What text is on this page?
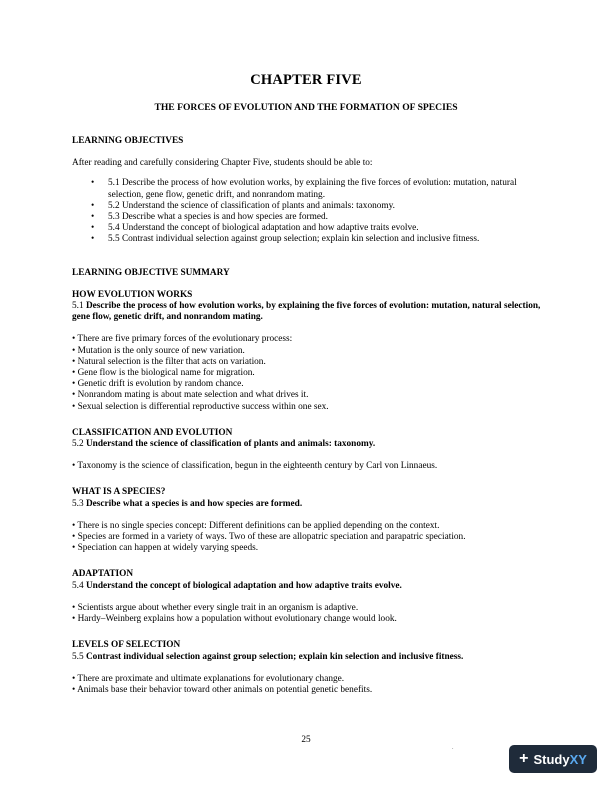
CHAPTER FIVE
THE FORCES OF EVOLUTION AND THE FORMATION OF SPECIES

LEARNING OBJECTIVES

After reading and carefully considering Chapter Five, students should be able to:

• 5.1 Describe the process of how evolution works, by explaining the five forces of evolution: mutation, natural selection, gene flow, genetic drift, and nonrandom mating.
• 5.2 Understand the science of classification of plants and animals: taxonomy.
• 5.3 Describe what a species is and how species are formed.
• 5.4 Understand the concept of biological adaptation and how adaptive traits evolve.
• 5.5 Contrast individual selection against group selection; explain kin selection and inclusive fitness.

LEARNING OBJECTIVE SUMMARY

HOW EVOLUTION WORKS

5.1 Describe the process of how evolution works, by explaining the five forces of evolution: mutation, natural selection, gene flow, genetic drift, and nonrandom mating.

• There are five primary forces of the evolutionary process:

• Mutation is the only source of new variation.

• Natural selection is the filter that acts on variation.

• Gene flow is the biological name for migration.

• Genetic drift is evolution by random chance.

• Nonrandom mating is about mate selection and what drives it.

• Sexual selection is differential reproductive success within one sex.

CLASSIFICATION AND EVOLUTION

5.2 Understand the science of classification of plants and animals: taxonomy.

• Taxonomy is the science of classification, begun in the eighteenth century by Carl von Linnaeus.

WHAT IS A SPECIES?

5.3 Describe what a species is and how species are formed.

• There is no single species concept: Different definitions can be applied depending on the context.

• Species are formed in a variety of ways. Two of these are allopatric speciation and parapatric speciation.

• Speciation can happen at widely varying speeds.

ADAPTATION

5.4 Understand the concept of biological adaptation and how adaptive traits evolve.

• Scientists argue about whether every single trait in an organism is adaptive.

• Hardy–Weinberg explains how a population without evolutionary change would look.

LEVELS OF SELECTION

5.5 Contrast individual selection against group selection; explain kin selection and inclusive fitness.

• There are proximate and ultimate explanations for evolutionary change.

• Animals base their behavior toward other animals on potential genetic benefits.

25
.
+ StudyXY
